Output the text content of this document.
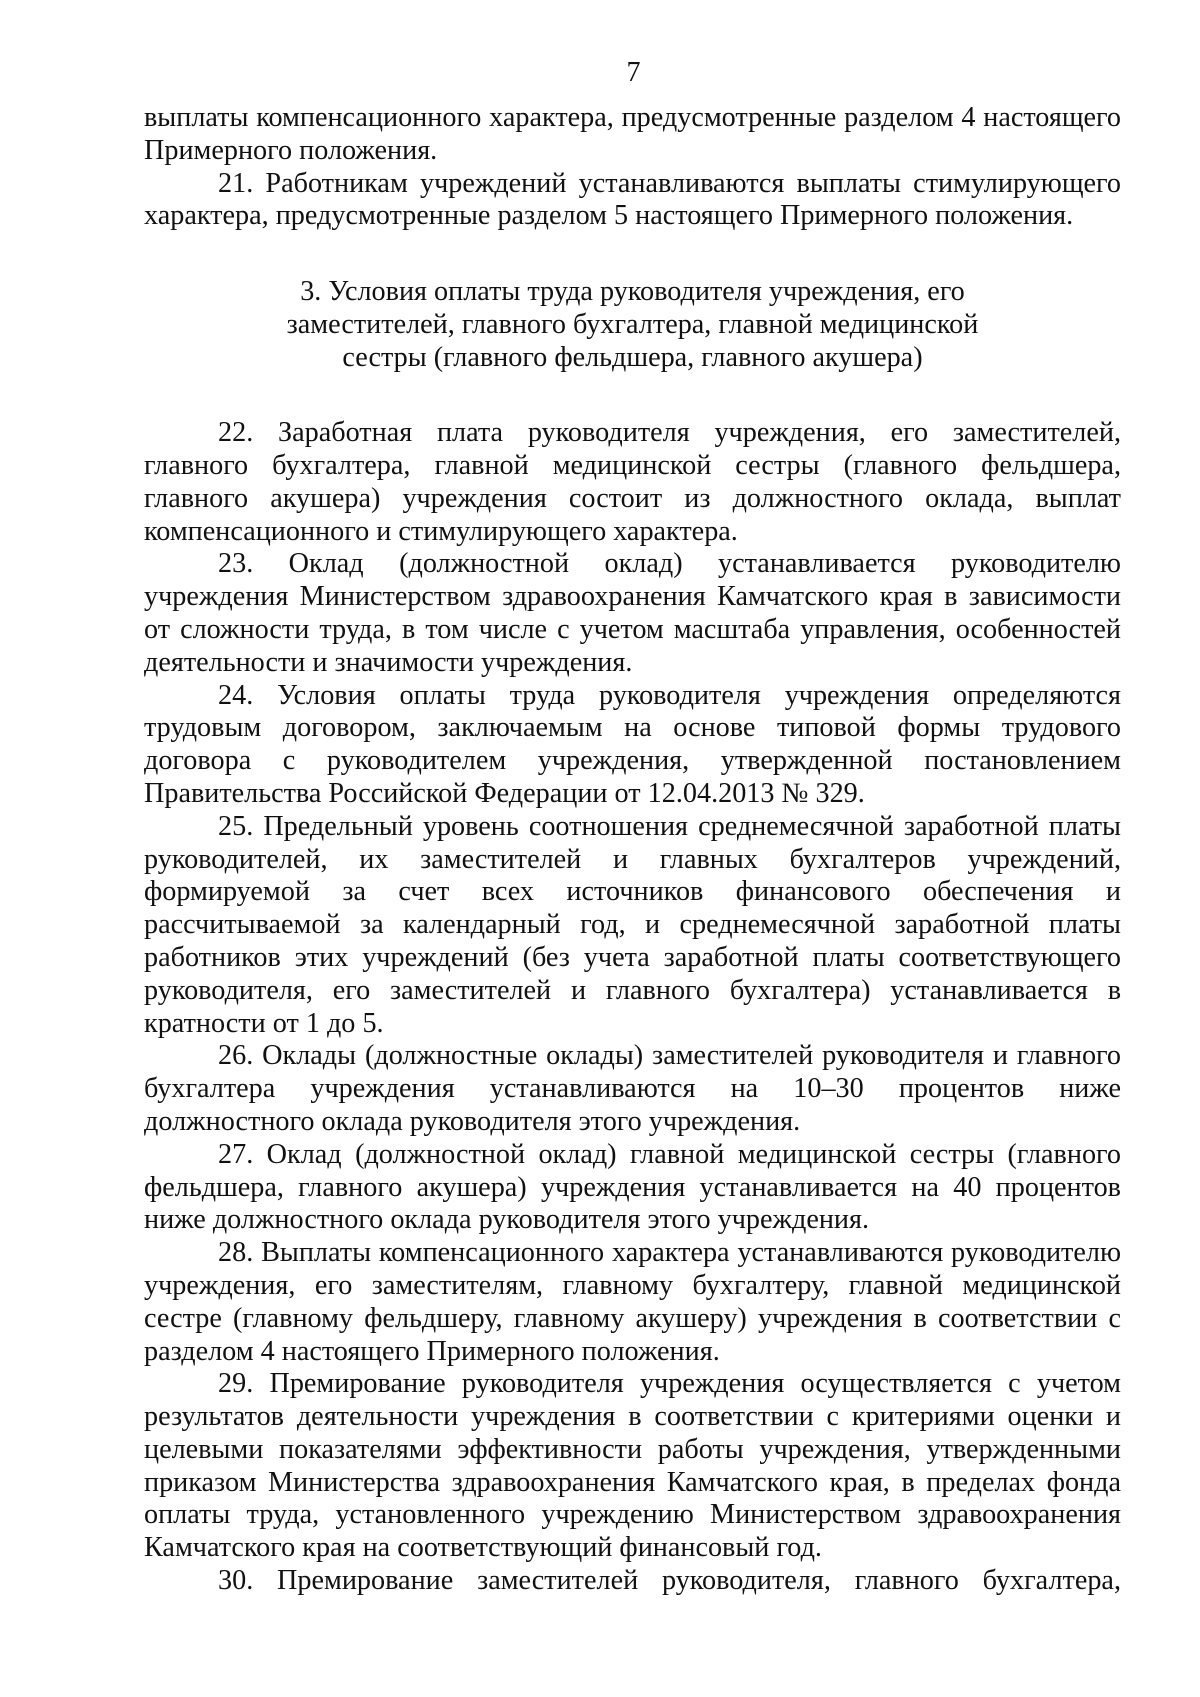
7

выплаты компенсационного характера, предусмотренные разделом 4 настоящего Примерного положения.

21. Работникам учреждений устанавливаются выплаты стимулирующего характера, предусмотренные разделом 5 настоящего Примерного положения.

3. Условия оплаты труда руководителя учреждения, его
заместителей, главного бухгалтера, главной медицинской
сестры (главного фельдшера, главного акушера)

22. Заработная плата руководителя учреждения, его заместителей, главного бухгалтера, главной медицинской сестры (главного фельдшера, главного акушера) учреждения состоит из должностного оклада, выплат компенсационного и стимулирующего характера.

23. Оклад (должностной оклад) устанавливается руководителю учреждения Министерством здравоохранения Камчатского края в зависимости от сложности труда, в том числе с учетом масштаба управления, особенностей деятельности и значимости учреждения.

24. Условия оплаты труда руководителя учреждения определяются трудовым договором, заключаемым на основе типовой формы трудового договора с руководителем учреждения, утвержденной постановлением Правительства Российской Федерации от 12.04.2013 № 329.

25. Предельный уровень соотношения среднемесячной заработной платы руководителей, их заместителей и главных бухгалтеров учреждений, формируемой за счет всех источников финансового обеспечения и рассчитываемой за календарный год, и среднемесячной заработной платы работников этих учреждений (без учета заработной платы соответствующего руководителя, его заместителей и главного бухгалтера) устанавливается в кратности от 1 до 5.

26. Оклады (должностные оклады) заместителей руководителя и главного бухгалтера учреждения устанавливаются на 10–30 процентов ниже должностного оклада руководителя этого учреждения.

27. Оклад (должностной оклад) главной медицинской сестры (главного фельдшера, главного акушера) учреждения устанавливается на 40 процентов ниже должностного оклада руководителя этого учреждения.

28. Выплаты компенсационного характера устанавливаются руководителю учреждения, его заместителям, главному бухгалтеру, главной медицинской сестре (главному фельдшеру, главному акушеру) учреждения в соответствии с разделом 4 настоящего Примерного положения.

29. Премирование руководителя учреждения осуществляется с учетом результатов деятельности учреждения в соответствии с критериями оценки и целевыми показателями эффективности работы учреждения, утвержденными приказом Министерства здравоохранения Камчатского края, в пределах фонда оплаты труда, установленного учреждению Министерством здравоохранения Камчатского края на соответствующий финансовый год.

30. Премирование заместителей руководителя, главного бухгалтера,
